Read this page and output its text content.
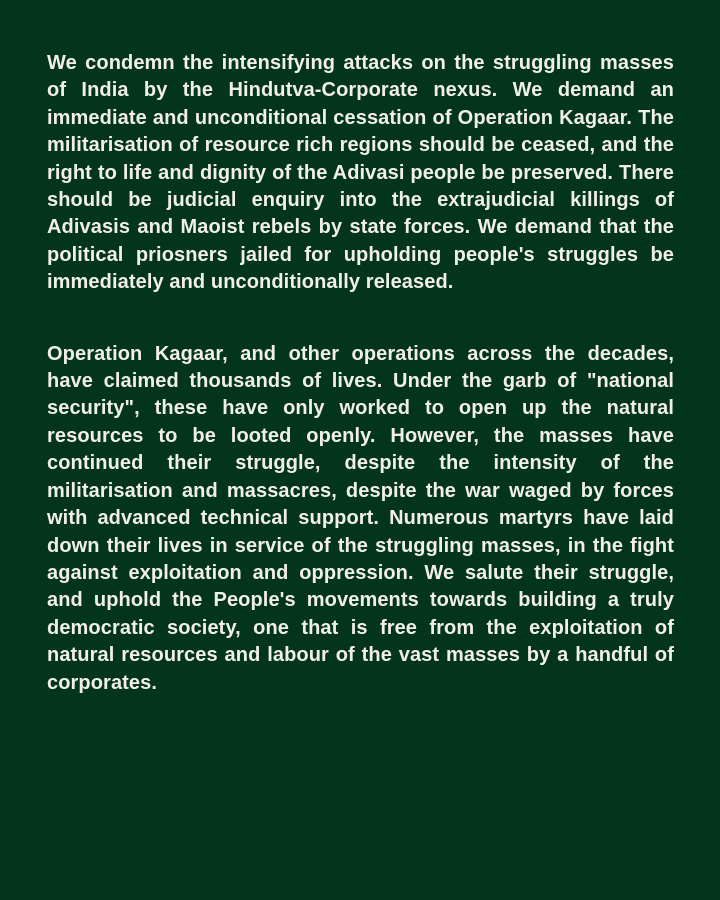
We condemn the intensifying attacks on the struggling masses of India by the Hindutva-Corporate nexus. We demand an immediate and unconditional cessation of Operation Kagaar. The militarisation of resource rich regions should be ceased, and the right to life and dignity of the Adivasi people be preserved. There should be judicial enquiry into the extrajudicial killings of Adivasis and Maoist rebels by state forces. We demand that the political priosners jailed for upholding people's struggles be immediately and unconditionally released.

Operation Kagaar, and other operations across the decades, have claimed thousands of lives. Under the garb of "national security", these have only worked to open up the natural resources to be looted openly. However, the masses have continued their struggle, despite the intensity of the militarisation and massacres, despite the war waged by forces with advanced technical support. Numerous martyrs have laid down their lives in service of the struggling masses, in the fight against exploitation and oppression. We salute their struggle, and uphold the People's movements towards building a truly democratic society, one that is free from the exploitation of natural resources and labour of the vast masses by a handful of corporates.
